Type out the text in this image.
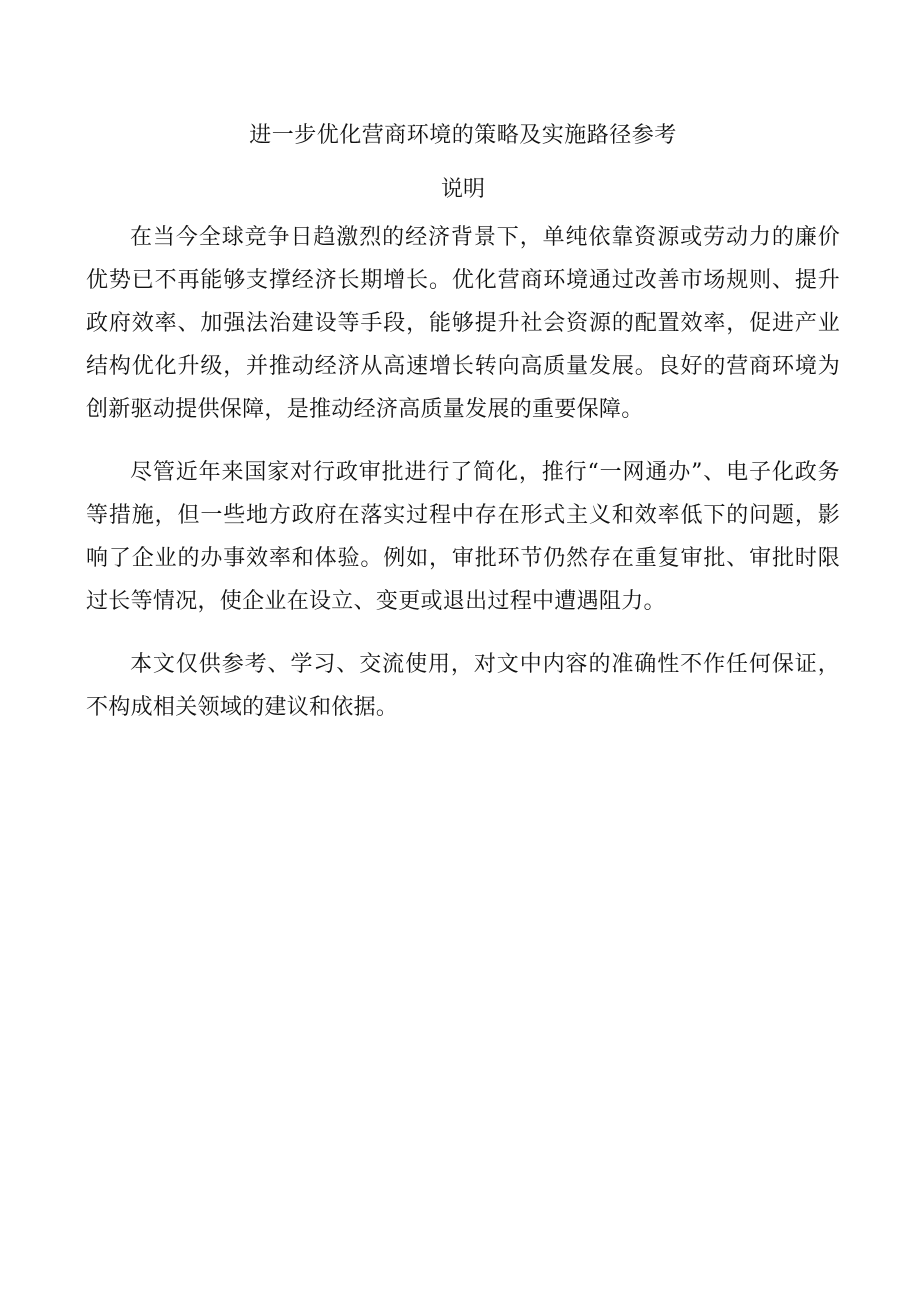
进一步优化营商环境的策略及实施路径参考
说明

在当今全球竞争日趋激烈的经济背景下，单纯依靠资源或劳动力的廉价优势已不再能够支撑经济长期增长。优化营商环境通过改善市场规则、提升政府效率、加强法治建设等手段，能够提升社会资源的配置效率，促进产业结构优化升级，并推动经济从高速增长转向高质量发展。良好的营商环境为创新驱动提供保障，是推动经济高质量发展的重要保障。

尽管近年来国家对行政审批进行了简化，推行“一网通办”、电子化政务等措施，但一些地方政府在落实过程中存在形式主义和效率低下的问题，影响了企业的办事效率和体验。例如，审批环节仍然存在重复审批、审批时限过长等情况，使企业在设立、变更或退出过程中遭遇阻力。

本文仅供参考、学习、交流使用，对文中内容的准确性不作任何保证，不构成相关领域的建议和依据。
